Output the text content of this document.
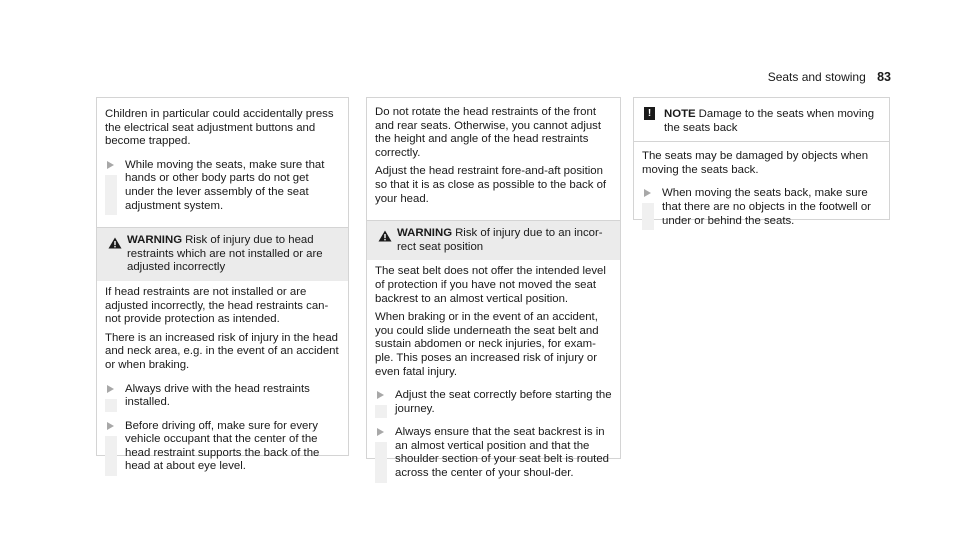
Seats and stowing 83

Children in particular could accidentally press the electrical seat adjustment buttons and become trapped.

While moving the seats, make sure that hands or other body parts do not get under the lever assembly of the seat adjustment system.
WARNING Risk of injury due to head restraints which are not installed or are adjusted incorrectly

If head restraints are not installed or are adjusted incorrectly, the head restraints can-not provide protection as intended.

There is an increased risk of injury in the head and neck area, e.g. in the event of an accident or when braking.

Always drive with the head restraints installed.
Before driving off, make sure for every vehicle occupant that the center of the head restraint supports the back of the head at about eye level.

Do not rotate the head restraints of the front and rear seats. Otherwise, you cannot adjust the height and angle of the head restraints correctly.

Adjust the head restraint fore-and-aft position so that it is as close as possible to the back of your head.

WARNING Risk of injury due to an incor-rect seat position

The seat belt does not offer the intended level of protection if you have not moved the seat backrest to an almost vertical position.

When braking or in the event of an accident, you could slide underneath the seat belt and sustain abdomen or neck injuries, for exam-ple. This poses an increased risk of injury or even fatal injury.

Adjust the seat correctly before starting the journey.
Always ensure that the seat backrest is in an almost vertical position and that the shoulder section of your seat belt is routed across the center of your shoul-der.
!	NOTE Damage to the seats when moving the seats back

The seats may be damaged by objects when moving the seats back.

When moving the seats back, make sure that there are no objects in the footwell or under or behind the seats.
